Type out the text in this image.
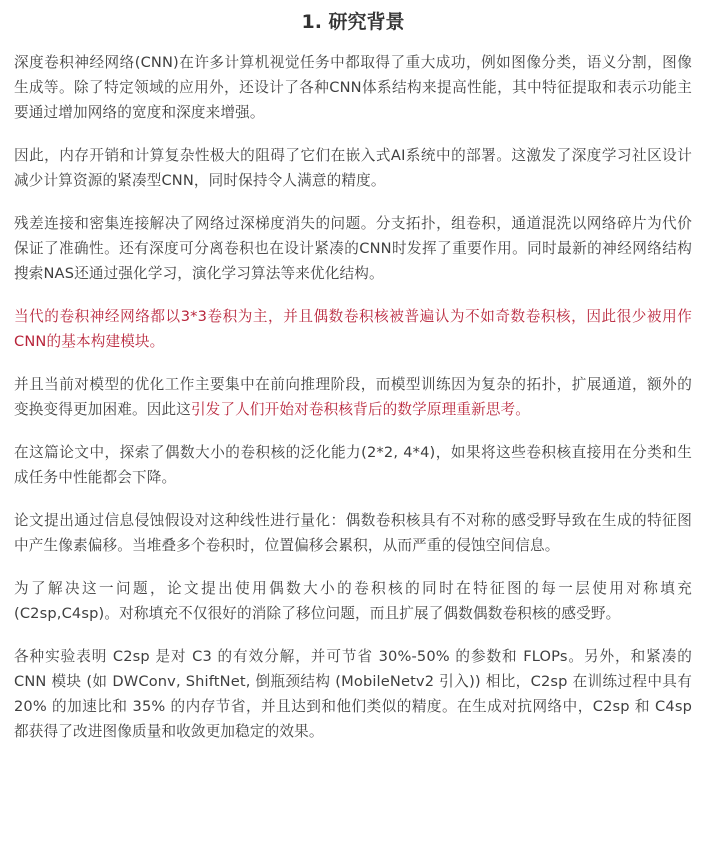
1. 研究背景

深度卷积神经网络(CNN)在许多计算机视觉任务中都取得了重大成功，例如图像分类，语义分割，图像生成等。除了特定领域的应用外，还设计了各种CNN体系结构来提高性能，其中特征提取和表示功能主要通过增加网络的宽度和深度来增强。

因此，内存开销和计算复杂性极大的阻碍了它们在嵌入式AI系统中的部署。这激发了深度学习社区设计减少计算资源的紧凑型CNN，同时保持令人满意的精度。

残差连接和密集连接解决了网络过深梯度消失的问题。分支拓扑，组卷积，通道混洗以网络碎片为代价保证了准确性。还有深度可分离卷积也在设计紧凑的CNN时发挥了重要作用。同时最新的神经网络结构搜索NAS还通过强化学习，演化学习算法等来优化结构。

当代的卷积神经网络都以3*3卷积为主，并且偶数卷积核被普遍认为不如奇数卷积核，因此很少被用作CNN的基本构建模块。

并且当前对模型的优化工作主要集中在前向推理阶段，而模型训练因为复杂的拓扑，扩展通道，额外的变换变得更加困难。因此这引发了人们开始对卷积核背后的数学原理重新思考。

在这篇论文中，探索了偶数大小的卷积核的泛化能力(2*2, 4*4)，如果将这些卷积核直接用在分类和生成任务中性能都会下降。

论文提出通过信息侵蚀假设对这种线性进行量化：偶数卷积核具有不对称的感受野导致在生成的特征图中产生像素偏移。当堆叠多个卷积时，位置偏移会累积，从而严重的侵蚀空间信息。

为了解决这一问题，论文提出使用偶数大小的卷积核的同时在特征图的每一层使用对称填充(C2sp,C4sp)。对称填充不仅很好的消除了移位问题，而且扩展了偶数偶数卷积核的感受野。

各种实验表明 C2sp 是对 C3 的有效分解，并可节省 30%-50% 的参数和 FLOPs。另外，和紧凑的 CNN 模块 (如 DWConv, ShiftNet, 倒瓶颈结构 (MobileNetv2 引入)) 相比，C2sp 在训练过程中具有 20% 的加速比和 35% 的内存节省，并且达到和他们类似的精度。在生成对抗网络中，C2sp 和 C4sp 都获得了改进图像质量和收敛更加稳定的效果。
